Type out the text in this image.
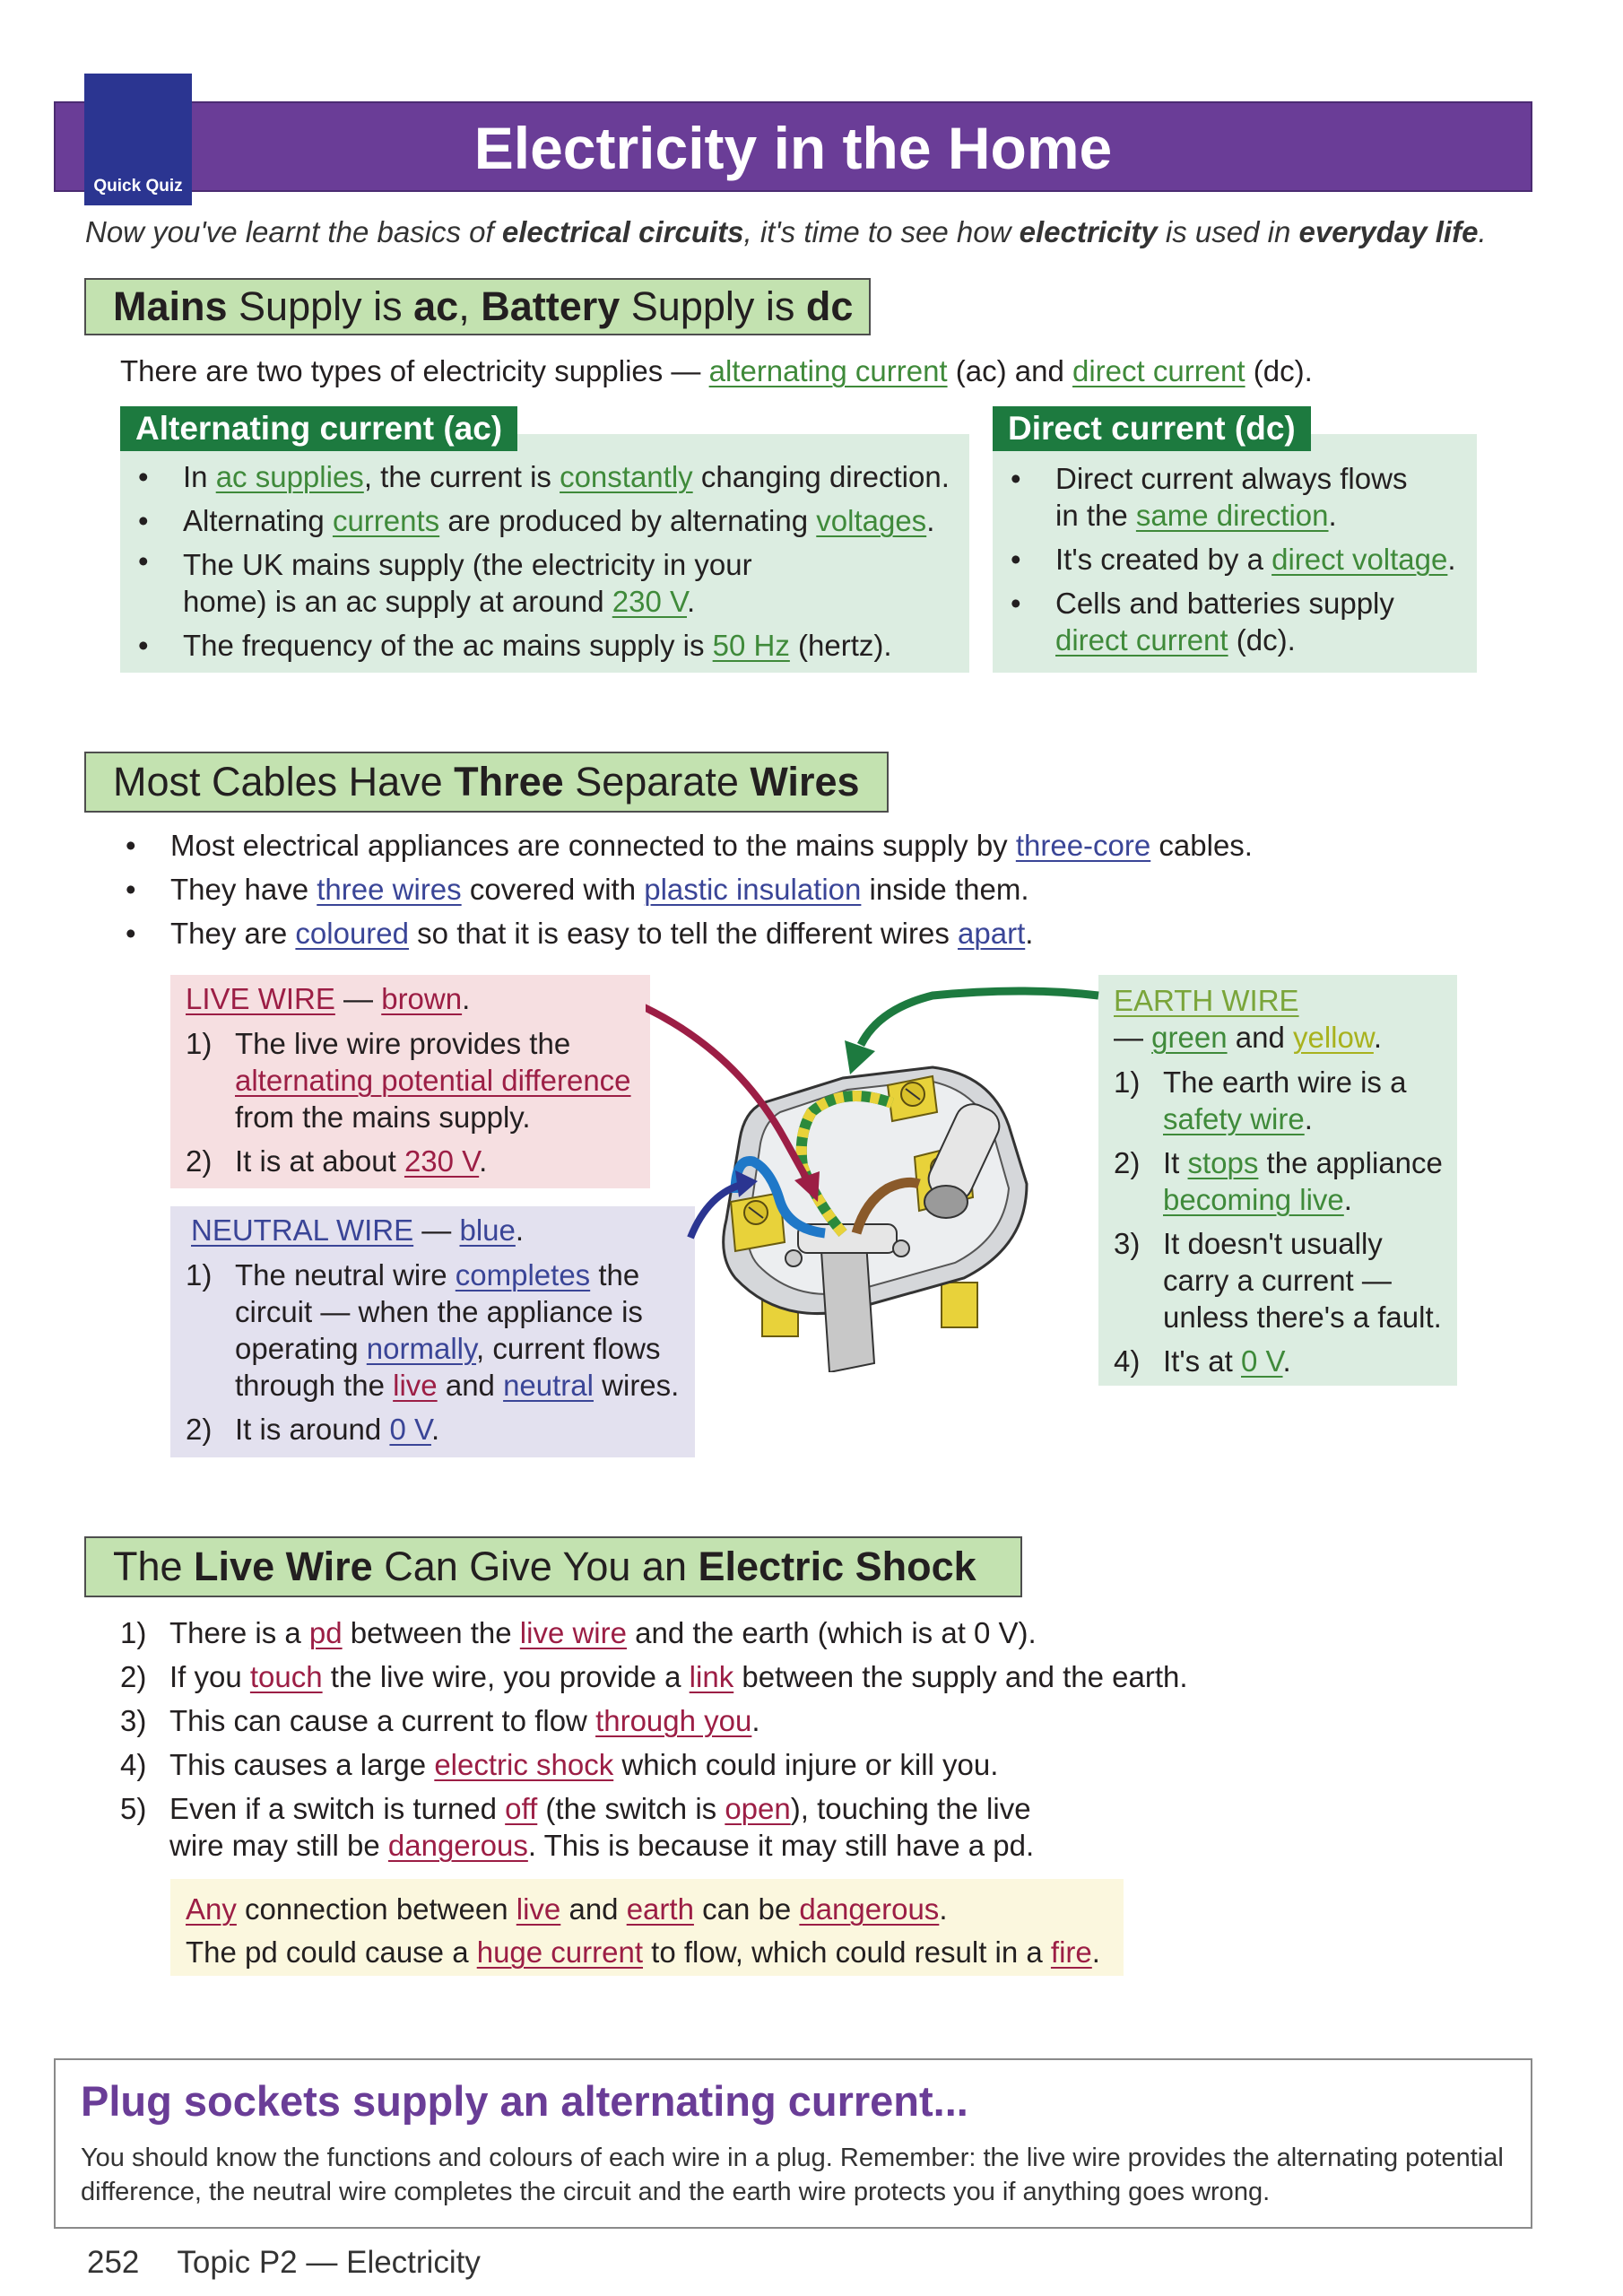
Electricity in the Home
Quick Quiz

Now you've learnt the basics of electrical circuits, it's time to see how electricity is used in everyday life.

Mains Supply is ac, Battery Supply is dc

There are two types of electricity supplies — alternating current (ac) and direct current (dc).

Alternating current (ac)
• In ac supplies, the current is constantly changing direction.
• Alternating currents are produced by alternating voltages.
• The UK mains supply (the electricity in your
home) is an ac supply at around 230 V.
• The frequency of the ac mains supply is 50 Hz (hertz).
Direct current (dc)
• Direct current always flows
in the same direction.
• It's created by a direct voltage.
• Cells and batteries supply
direct current (dc).
Most Cables Have Three Separate Wires
• Most electrical appliances are connected to the mains supply by three-core cables.
• They have three wires covered with plastic insulation inside them.
• They are coloured so that it is easy to tell the different wires apart.

LIVE WIRE — brown.

1) The live wire provides the
alternating potential difference
from the mains supply.
2) It is at about 230 V.

NEUTRAL WIRE — blue.

1) The neutral wire completes the
circuit — when the appliance is
operating normally, current flows
through the live and neutral wires.
2) It is around 0 V.

EARTH WIRE
— green and yellow.

1) The earth wire is a
safety wire.
2) It stops the appliance
becoming live.
3) It doesn't usually
carry a current —
unless there's a fault.
4) It's at 0 V.
The Live Wire Can Give You an Electric Shock
1) There is a pd between the live wire and the earth (which is at 0 V).
2) If you touch the live wire, you provide a link between the supply and the earth.
3) This can cause a current to flow through you.
4) This causes a large electric shock which could injure or kill you.
5) Even if a switch is turned off (the switch is open), touching the live
wire may still be dangerous. This is because it may still have a pd.

Any connection between live and earth can be dangerous.
The pd could cause a huge current to flow, which could result in a fire.

Plug sockets supply an alternating current...

You should know the functions and colours of each wire in a plug. Remember: the live wire provides the alternating potential difference, the neutral wire completes the circuit and the earth wire protects you if anything goes wrong.

252 Topic P2 — Electricity
